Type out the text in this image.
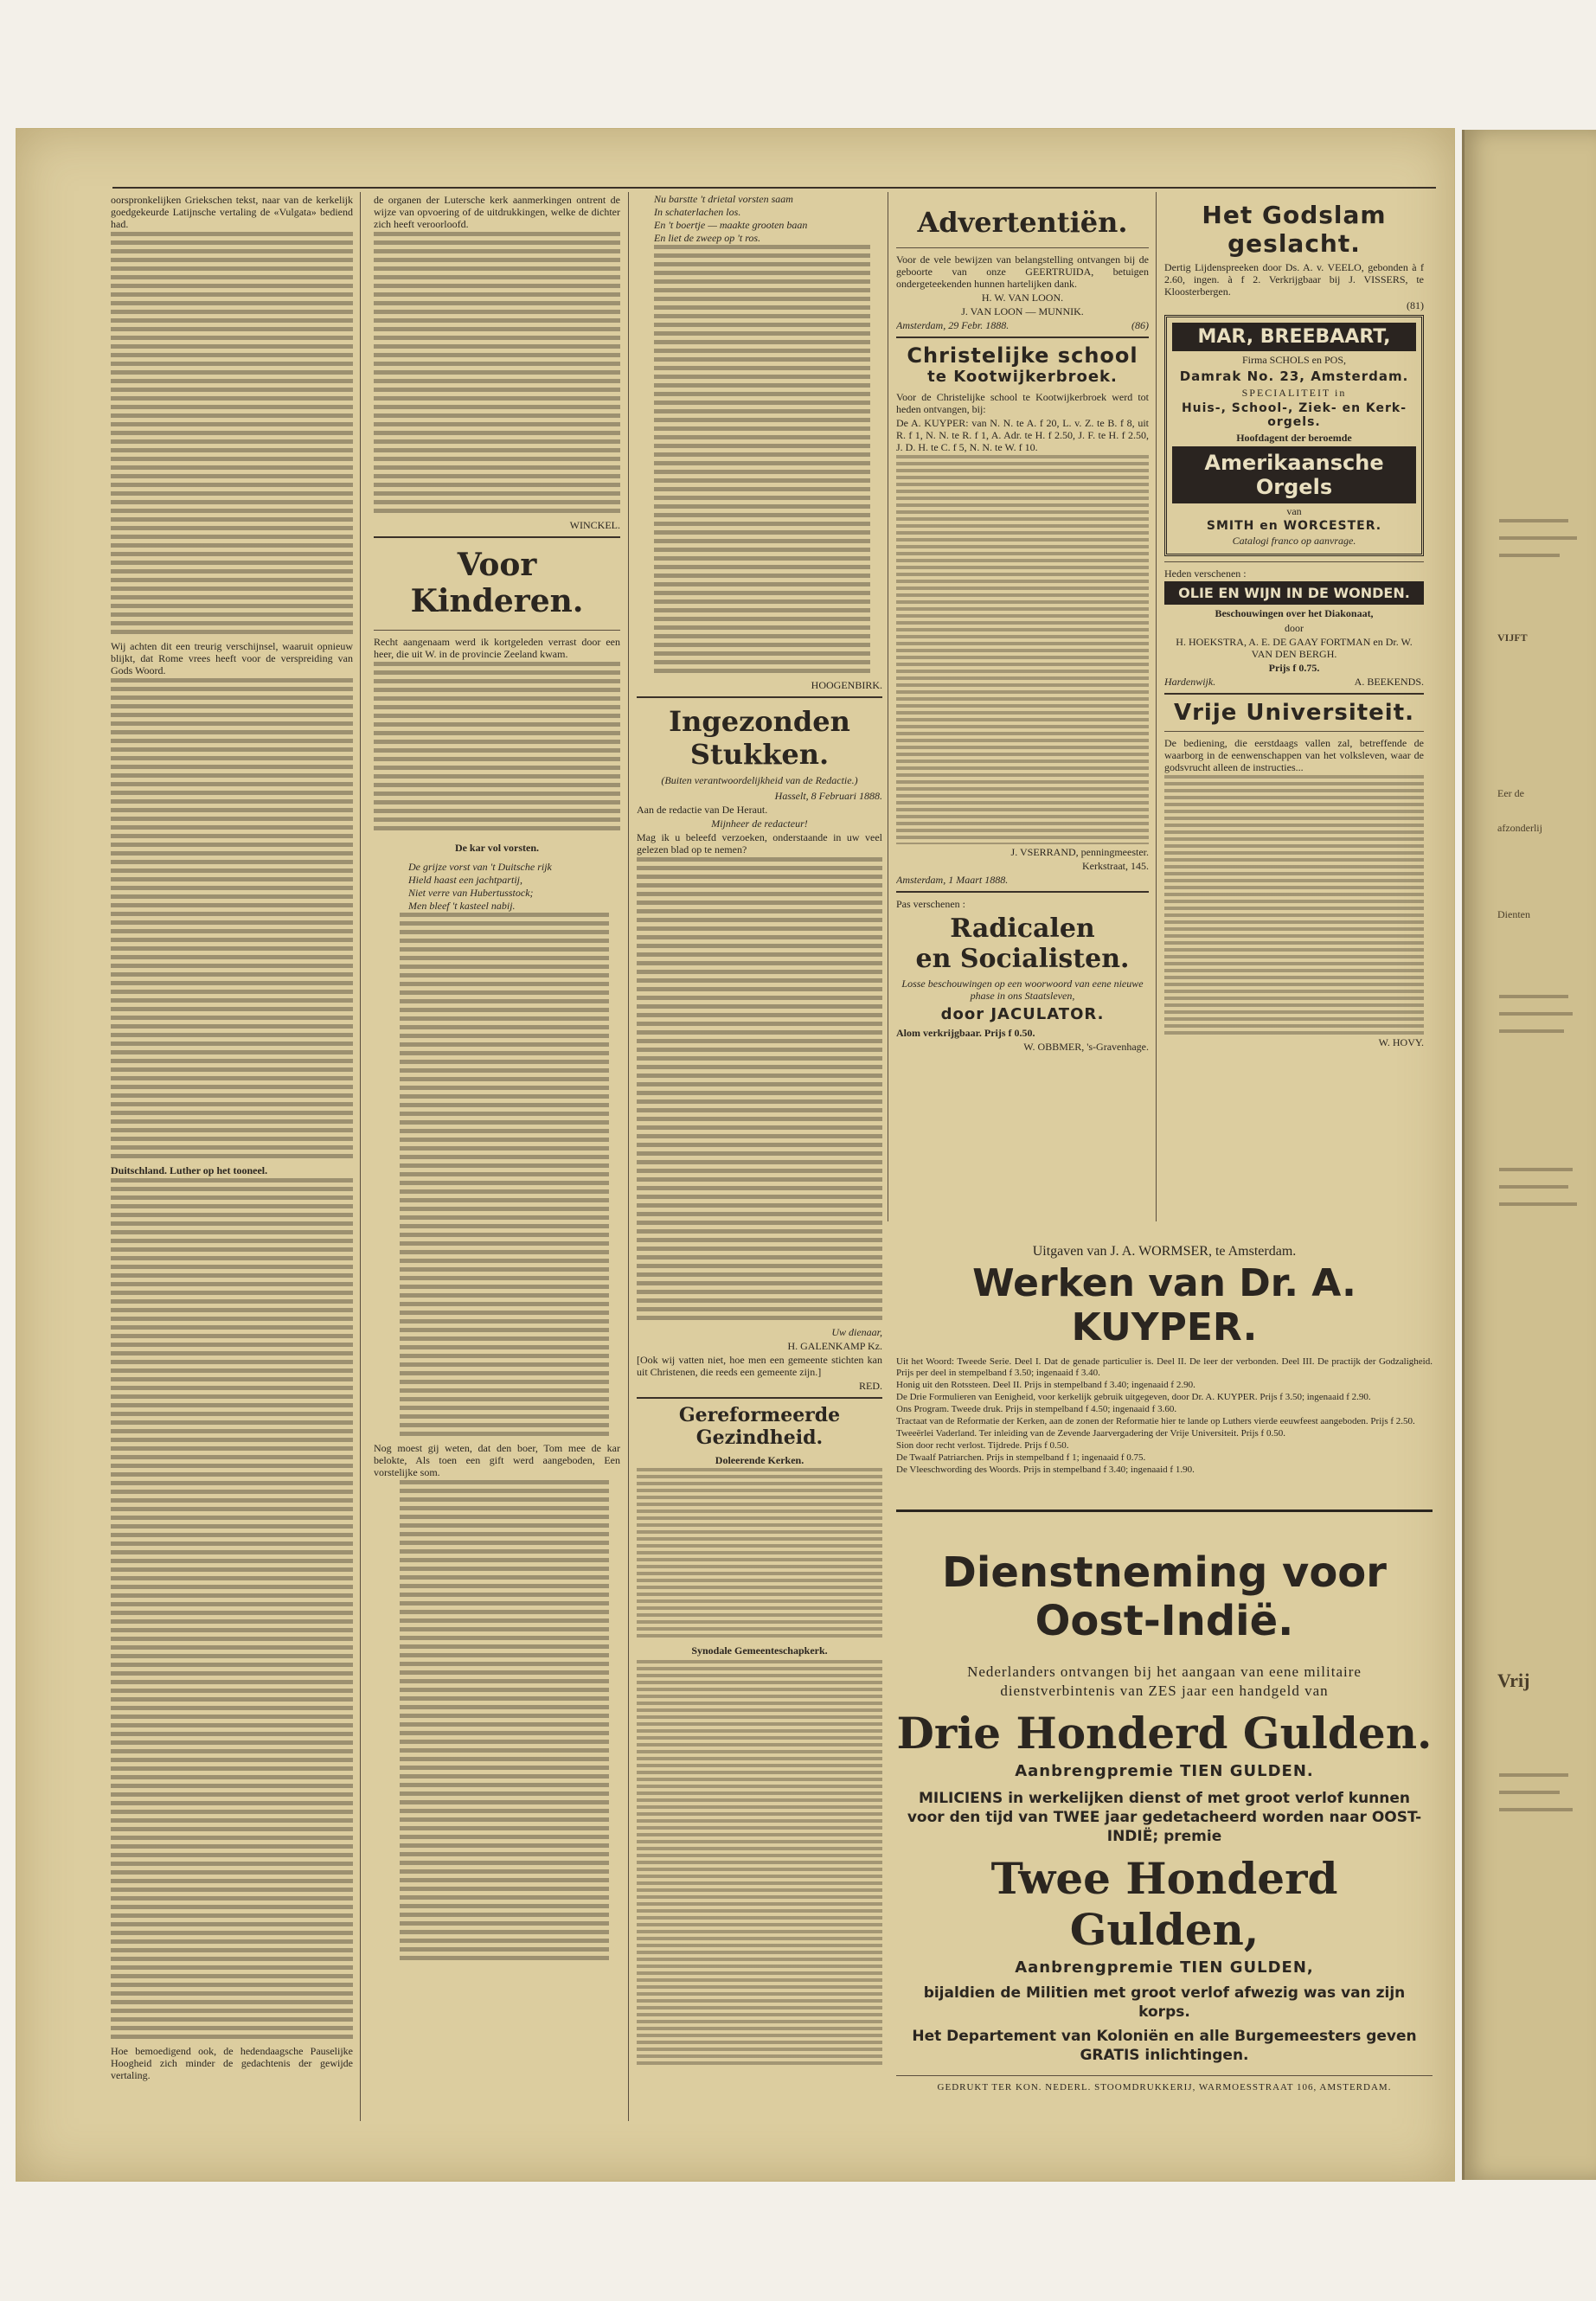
VIJFT
Eer de
afzonderlij
Dienten
Vrij

oorspronkelijken Griekschen tekst, naar van de kerkelijk goedgekeurde Latijnsche vertaling de «Vulgata» bediend had.

Wij achten dit een treurig verschijnsel, waaruit opnieuw blijkt, dat Rome vrees heeft voor de verspreiding van Gods Woord.

Duitschland. Luther op het tooneel.

Hoe bemoedigend ook, de hedendaagsche Pauselijke Hoogheid zich minder de gedachtenis der gewijde vertaling.

de organen der Lutersche kerk aanmerkingen ontrent de wijze van opvoering of de uitdrukkingen, welke de dichter zich heeft veroorloofd.

WINCKEL.

Voor Kinderen.

Recht aangenaam werd ik kortgeleden verrast door een heer, die uit W. in de provincie Zeeland kwam.

De kar vol vorsten.

De grijze vorst van 't Duitsche rijk

Hield haast een jachtpartij,

Niet verre van Hubertusstock;

Men bleef 't kasteel nabij.

Nog moest gij weten, dat den boer, Tom mee de kar belokte, Als toen een gift werd aangeboden, Een vorstelijke som.

Nu barstte 't drietal vorsten saam

In schaterlachen los.

En 't boertje — maakte grooten baan

En liet de zweep op 't ros.

HOOGENBIRK.

Ingezonden Stukken.

(Buiten verantwoordelijkheid van de Redactie.)

Hasselt, 8 Februari 1888.

Aan de redactie van De Heraut.

Mijnheer de redacteur!

Mag ik u beleefd verzoeken, onderstaande in uw veel gelezen blad op te nemen?

Uw dienaar,

H. GALENKAMP Kz.

[Ook wij vatten niet, hoe men een gemeente stichten kan uit Christenen, die reeds een gemeente zijn.]

RED.

Gereformeerde Gezindheid.

Doleerende Kerken.

Synodale Gemeenteschapkerk.

Advertentiën.

Voor de vele bewijzen van belangstelling ontvangen bij de geboorte van onze GEERTRUIDA, betuigen ondergeteekenden hunnen hartelijken dank.

H. W. VAN LOON.

J. VAN LOON — MUNNIK.

Amsterdam, 29 Febr. 1888.	(86)

Christelijke school

te Kootwijkerbroek.

Voor de Christelijke school te Kootwijkerbroek werd tot heden ontvangen, bij:

De A. KUYPER: van N. N. te A. f 20, L. v. Z. te B. f 8, uit R. f 1, N. N. te R. f 1, A. Adr. te H. f 2.50, J. F. te H. f 2.50, J. D. H. te C. f 5, N. N. te W. f 10.

J. VSERRAND, penningmeester.

Kerkstraat, 145.

Amsterdam, 1 Maart 1888.

Pas verschenen :

Radicalen

en Socialisten.

Losse beschouwingen op een woorwoord van eene nieuwe phase in ons Staatsleven,

door JACULATOR.

Alom verkrijgbaar. Prijs f 0.50.

W. OBBMER, 's-Gravenhage.

Het Godslam geslacht.

Dertig Lijdenspreeken door Ds. A. v. VEELO, gebonden à f 2.60, ingen. à f 2. Verkrijgbaar bij J. VISSERS, te Kloosterbergen.

(81)

MAR, BREEBAART,

Firma SCHOLS en POS,

Damrak No. 23, Amsterdam.

SPECIALITEIT in

Huis-, School-, Ziek- en Kerk-orgels.

Hoofdagent der beroemde

Amerikaansche Orgels

van

SMITH en WORCESTER.

Catalogi franco op aanvrage.

Heden verschenen :

OLIE EN WIJN IN DE WONDEN.

Beschouwingen over het Diakonaat,

door

H. HOEKSTRA, A. E. DE GAAY FORTMAN en Dr. W. VAN DEN BERGH.

Prijs f 0.75.

Hardenwijk.	A. BEEKENDS.

Vrije Universiteit.

De bediening, die eerstdaags vallen zal, betreffende de waarborg in de eenwenschappen van het volksleven, waar de godsvrucht alleen de instructies...

W. HOVY.

Uitgaven van J. A. WORMSER, te Amsterdam.

Werken van Dr. A. KUYPER.

Uit het Woord: Tweede Serie. Deel I. Dat de genade particulier is. Deel II. De leer der verbonden. Deel III. De practijk der Godzaligheid. Prijs per deel in stempelband f 3.50; ingenaaid f 3.40.

Honig uit den Rotssteen. Deel II. Prijs in stempelband f 3.40; ingenaaid f 2.90.

De Drie Formulieren van Eenigheid, voor kerkelijk gebruik uitgegeven, door Dr. A. KUYPER. Prijs f 3.50; ingenaaid f 2.90.

Ons Program. Tweede druk. Prijs in stempelband f 4.50; ingenaaid f 3.60.

Tractaat van de Reformatie der Kerken, aan de zonen der Reformatie hier te lande op Luthers vierde eeuwfeest aangeboden. Prijs f 2.50.

Tweeërlei Vaderland. Ter inleiding van de Zevende Jaarvergadering der Vrije Universiteit. Prijs f 0.50.

Sion door recht verlost. Tijdrede. Prijs f 0.50.

De Twaalf Patriarchen. Prijs in stempelband f 1; ingenaaid f 0.75.

De Vleeschwording des Woords. Prijs in stempelband f 3.40; ingenaaid f 1.90.

Dienstneming voor Oost-Indië.

Nederlanders ontvangen bij het aangaan van eene militaire dienstverbintenis van ZES jaar een handgeld van

Drie Honderd Gulden.

Aanbrengpremie TIEN GULDEN.

MILICIENS in werkelijken dienst of met groot verlof kunnen voor den tijd van TWEE jaar gedetacheerd worden naar OOST-INDIË; premie

Twee Honderd Gulden,

Aanbrengpremie TIEN GULDEN,

bijaldien de Militien met groot verlof afwezig was van zijn korps.

Het Departement van Koloniën en alle Burgemeesters geven GRATIS inlichtingen.

GEDRUKT TER KON. NEDERL. STOOMDRUKKERIJ, WARMOESSTRAAT 106, AMSTERDAM.
